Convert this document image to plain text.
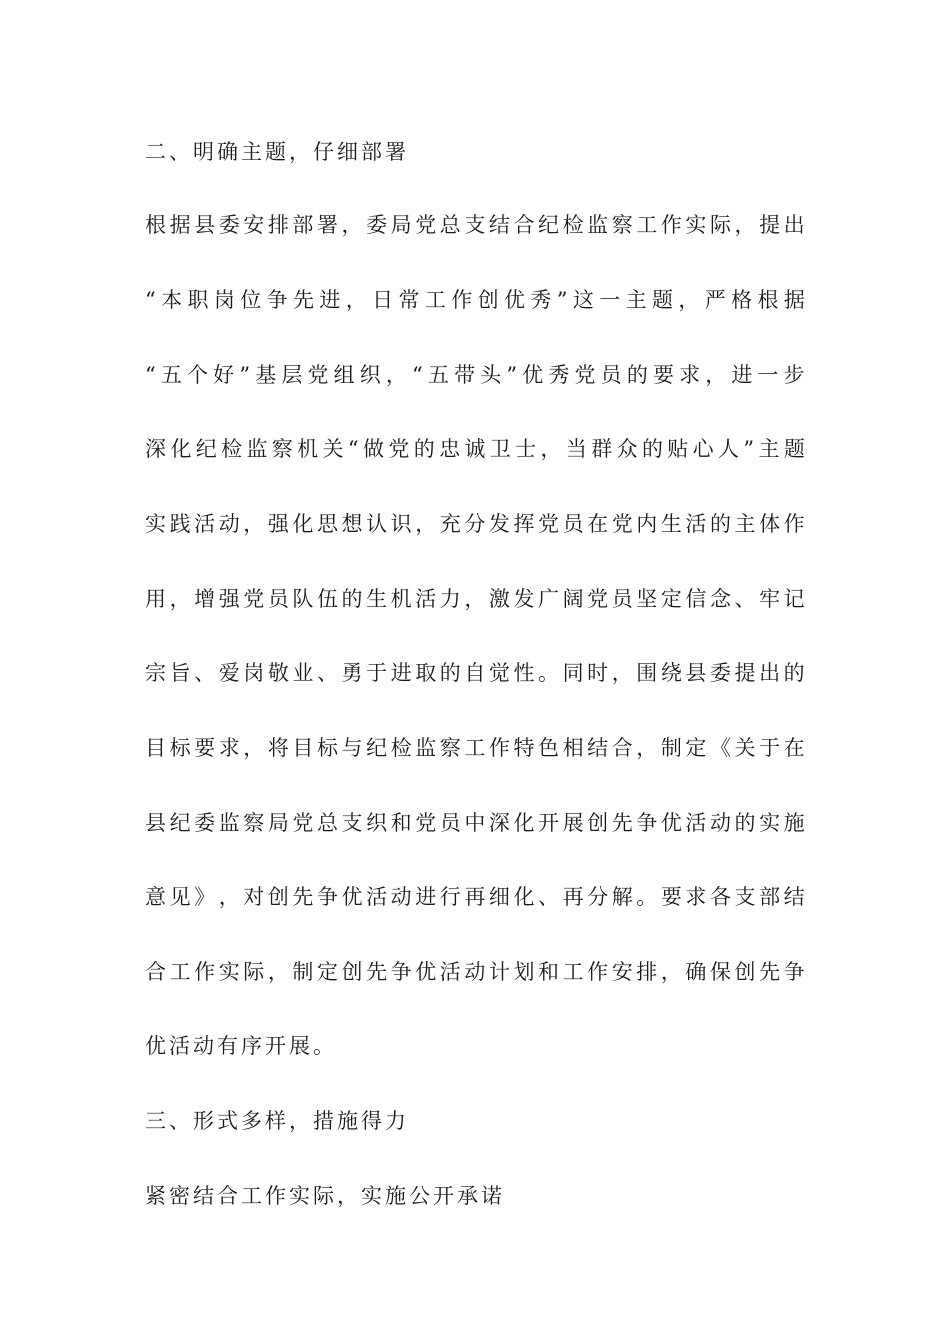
二、明确主题，仔细部署
根 据 县 委 安 排 部 署 ， 委 局 党 总 支 结 合 纪 检 监 察 工 作 实 际 ， 提 出
“ 本 职 岗 位 争 先 进 ， 日 常 工 作 创 优 秀 ” 这 一 主 题 ， 严 格 根 据
“ 五 个 好 ” 基 层 党 组 织 ， “ 五 带 头 ” 优 秀 党 员 的 要 求 ， 进 一 步
深 化 纪 检 监 察 机 关 “ 做 党 的 忠 诚 卫 士 ， 当 群 众 的 贴 心 人 ” 主 题
实 践 活 动 ， 强 化 思 想 认 识 ， 充 分 发 挥 党 员 在 党 内 生 活 的 主 体 作
用 ， 增 强 党 员 队 伍 的 生 机 活 力 ， 激 发 广 阔 党 员 坚 定 信 念 、 牢 记
宗 旨 、 爱 岗 敬 业 、 勇 于 进 取 的 自 觉 性 。 同 时 ， 围 绕 县 委 提 出 的
目 标 要 求 ， 将 目 标 与 纪 检 监 察 工 作 特 色 相 结 合 ， 制 定 《 关 于 在
县 纪 委 监 察 局 党 总 支 织 和 党 员 中 深 化 开 展 创 先 争 优 活 动 的 实 施
意 见 》 ， 对 创 先 争 优 活 动 进 行 再 细 化 、 再 分 解 。 要 求 各 支 部 结
合 工 作 实 际 ， 制 定 创 先 争 优 活 动 计 划 和 工 作 安 排 ， 确 保 创 先 争
优活动有序开展。
三、形式多样，措施得力
紧密结合工作实际，实施公开承诺
